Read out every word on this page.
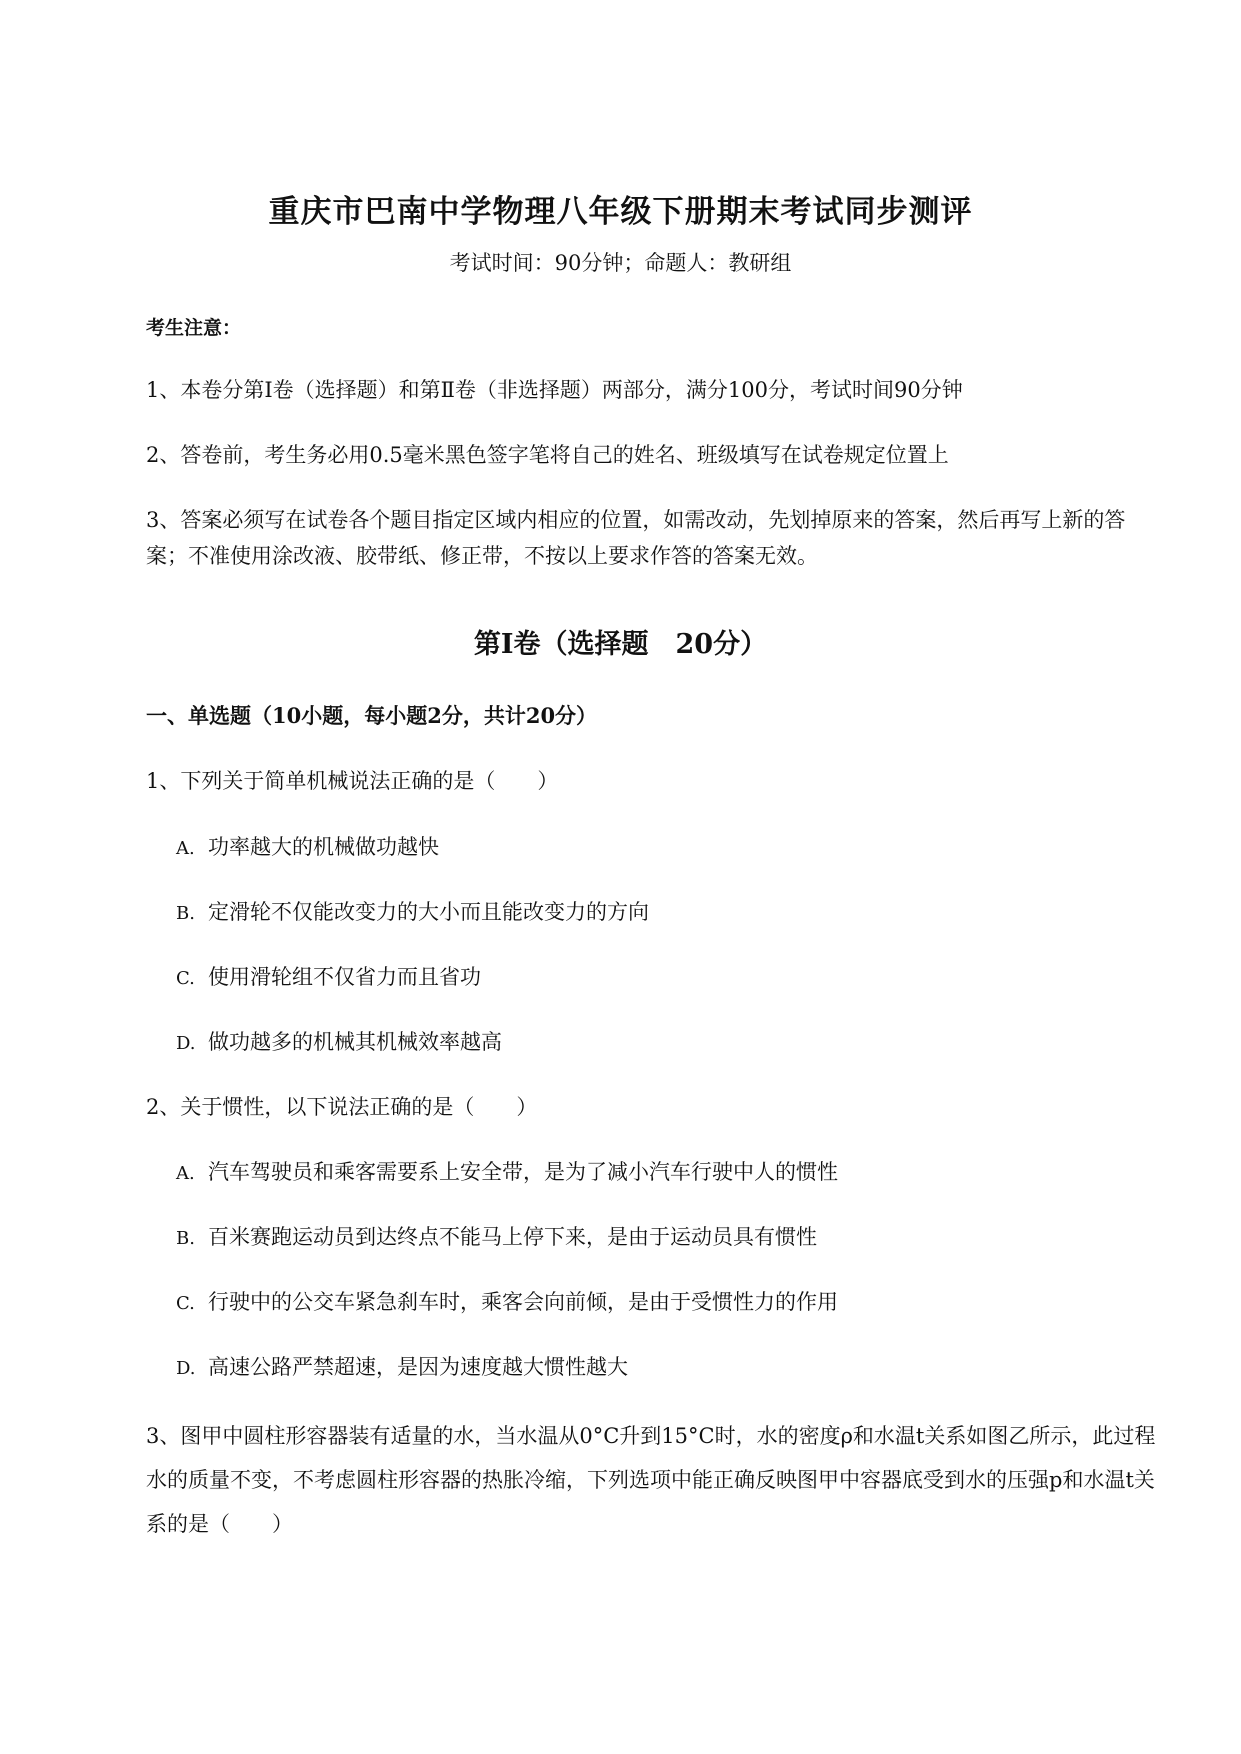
重庆市巴南中学物理八年级下册期末考试同步测评
考试时间：90分钟；命题人：教研组
考生注意：
1、本卷分第I卷（选择题）和第Ⅱ卷（非选择题）两部分，满分100分，考试时间90分钟
2、答卷前，考生务必用0.5毫米黑色签字笔将自己的姓名、班级填写在试卷规定位置上
3、答案必须写在试卷各个题目指定区域内相应的位置，如需改动，先划掉原来的答案，然后再写上新的答案；不准使用涂改液、胶带纸、修正带，不按以上要求作答的答案无效。
第I卷（选择题　20分）
一、单选题（10小题，每小题2分，共计20分）
1、下列关于简单机械说法正确的是（　　）
A. 功率越大的机械做功越快
B. 定滑轮不仅能改变力的大小而且能改变力的方向
C. 使用滑轮组不仅省力而且省功
D. 做功越多的机械其机械效率越高
2、关于惯性，以下说法正确的是（　　）
A. 汽车驾驶员和乘客需要系上安全带，是为了减小汽车行驶中人的惯性
B. 百米赛跑运动员到达终点不能马上停下来，是由于运动员具有惯性
C. 行驶中的公交车紧急刹车时，乘客会向前倾，是由于受惯性力的作用
D. 高速公路严禁超速，是因为速度越大惯性越大
3、图甲中圆柱形容器装有适量的水，当水温从0°C升到15°C时，水的密度ρ和水温t关系如图乙所示，此过程水的质量不变，不考虑圆柱形容器的热胀冷缩，下列选项中能正确反映图甲中容器底受到水的压强p和水温t关系的是（　　）
